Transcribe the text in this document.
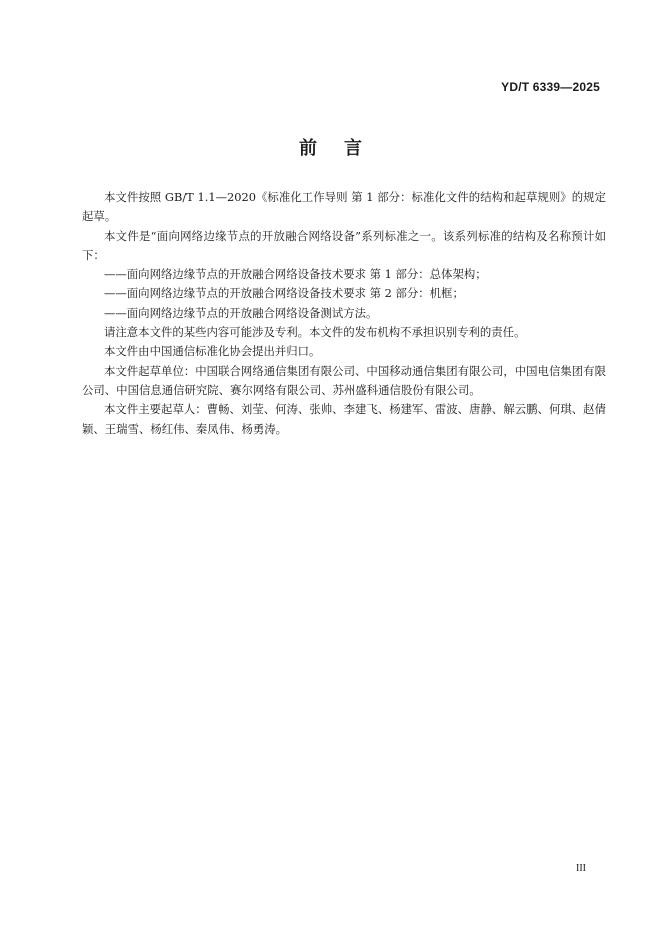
YD/T 6339—2025
前 言

本文件按照 GB/T 1.1—2020《标准化工作导则 第 1 部分：标准化文件的结构和起草规则》的规定起草。

本文件是“面向网络边缘节点的开放融合网络设备”系列标准之一。该系列标准的结构及名称预计如下：

——面向网络边缘节点的开放融合网络设备技术要求 第 1 部分：总体架构；

——面向网络边缘节点的开放融合网络设备技术要求 第 2 部分：机框；

——面向网络边缘节点的开放融合网络设备测试方法。

请注意本文件的某些内容可能涉及专利。本文件的发布机构不承担识别专利的责任。

本文件由中国通信标准化协会提出并归口。

本文件起草单位：中国联合网络通信集团有限公司、中国移动通信集团有限公司，中国电信集团有限公司、中国信息通信研究院、赛尔网络有限公司、苏州盛科通信股份有限公司。

本文件主要起草人：曹畅、刘莹、何涛、张帅、李建飞、杨建军、雷波、唐静、解云鹏、何琪、赵倩颖、王瑞雪、杨红伟、秦凤伟、杨勇涛。

III
